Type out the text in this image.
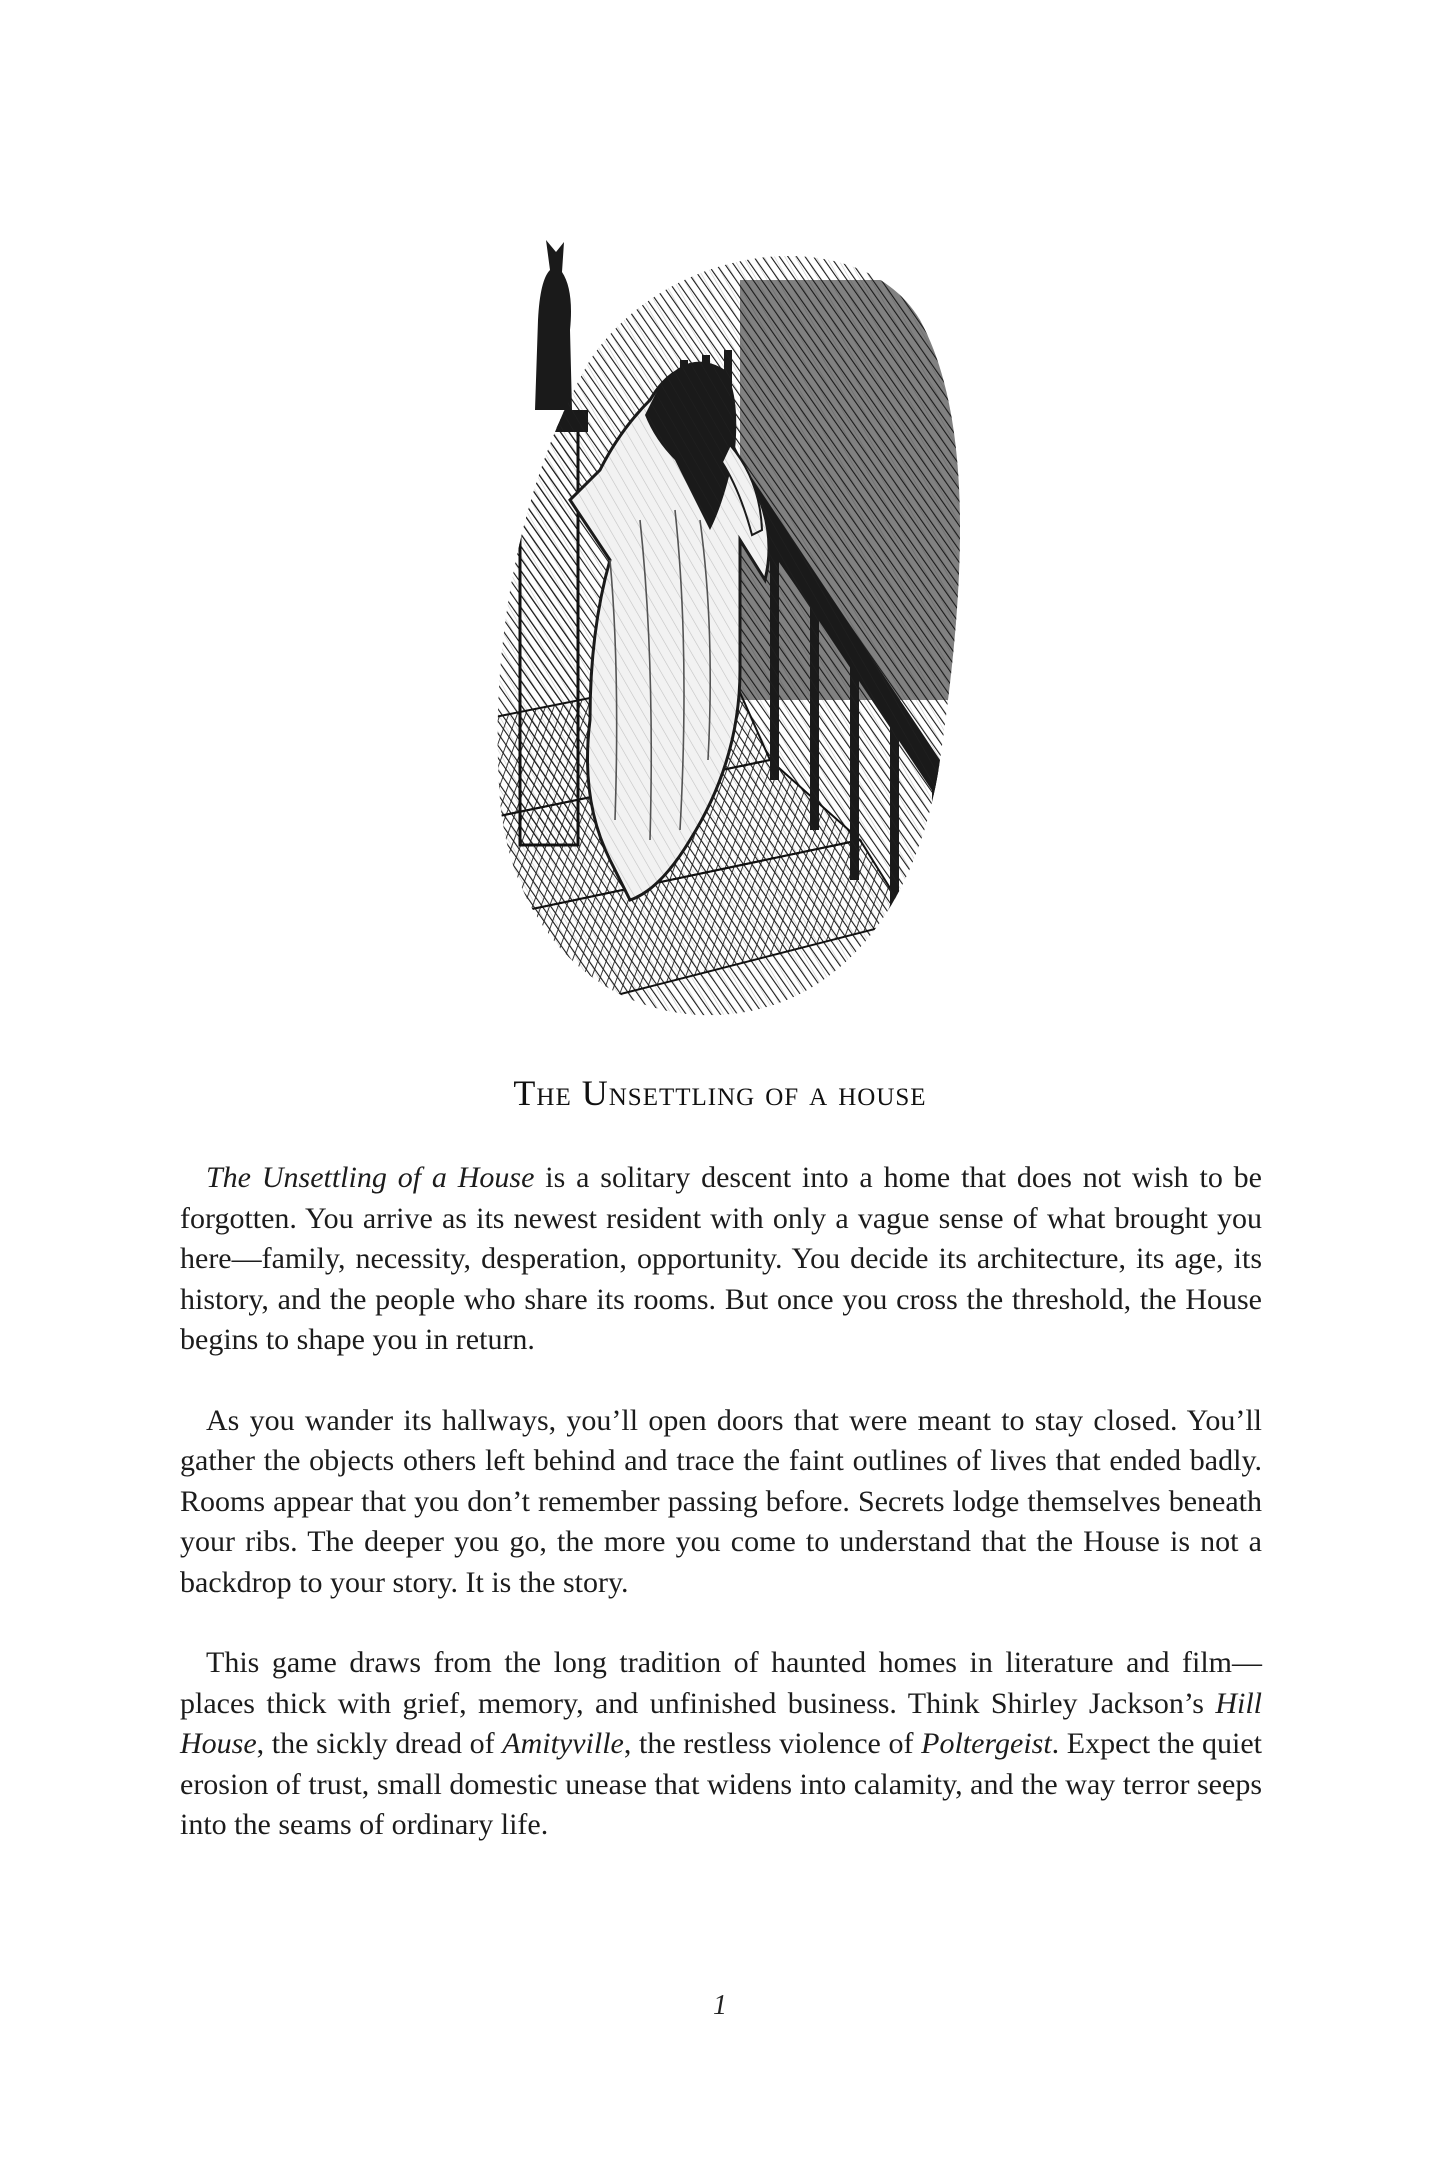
The Unsettling of a house

The Unsettling of a House is a solitary descent into a home that does not wish to be forgotten. You arrive as its newest resident with only a vague sense of what brought you here—family, necessity, desperation, opportunity. You decide its architecture, its age, its history, and the people who share its rooms. But once you cross the threshold, the House begins to shape you in return.

As you wander its hallways, you’ll open doors that were meant to stay closed. You’ll gather the objects others left behind and trace the faint outlines of lives that ended badly. Rooms appear that you don’t remember passing before. Secrets lodge themselves beneath your ribs. The deeper you go, the more you come to understand that the House is not a backdrop to your story. It is the story.

This game draws from the long tradition of haunted homes in literature and film—places thick with grief, memory, and unfinished business. Think Shirley Jackson’s Hill House, the sickly dread of Amityville, the restless violence of Poltergeist. Expect the quiet erosion of trust, small domestic unease that widens into calamity, and the way terror seeps into the seams of ordinary life.

1
